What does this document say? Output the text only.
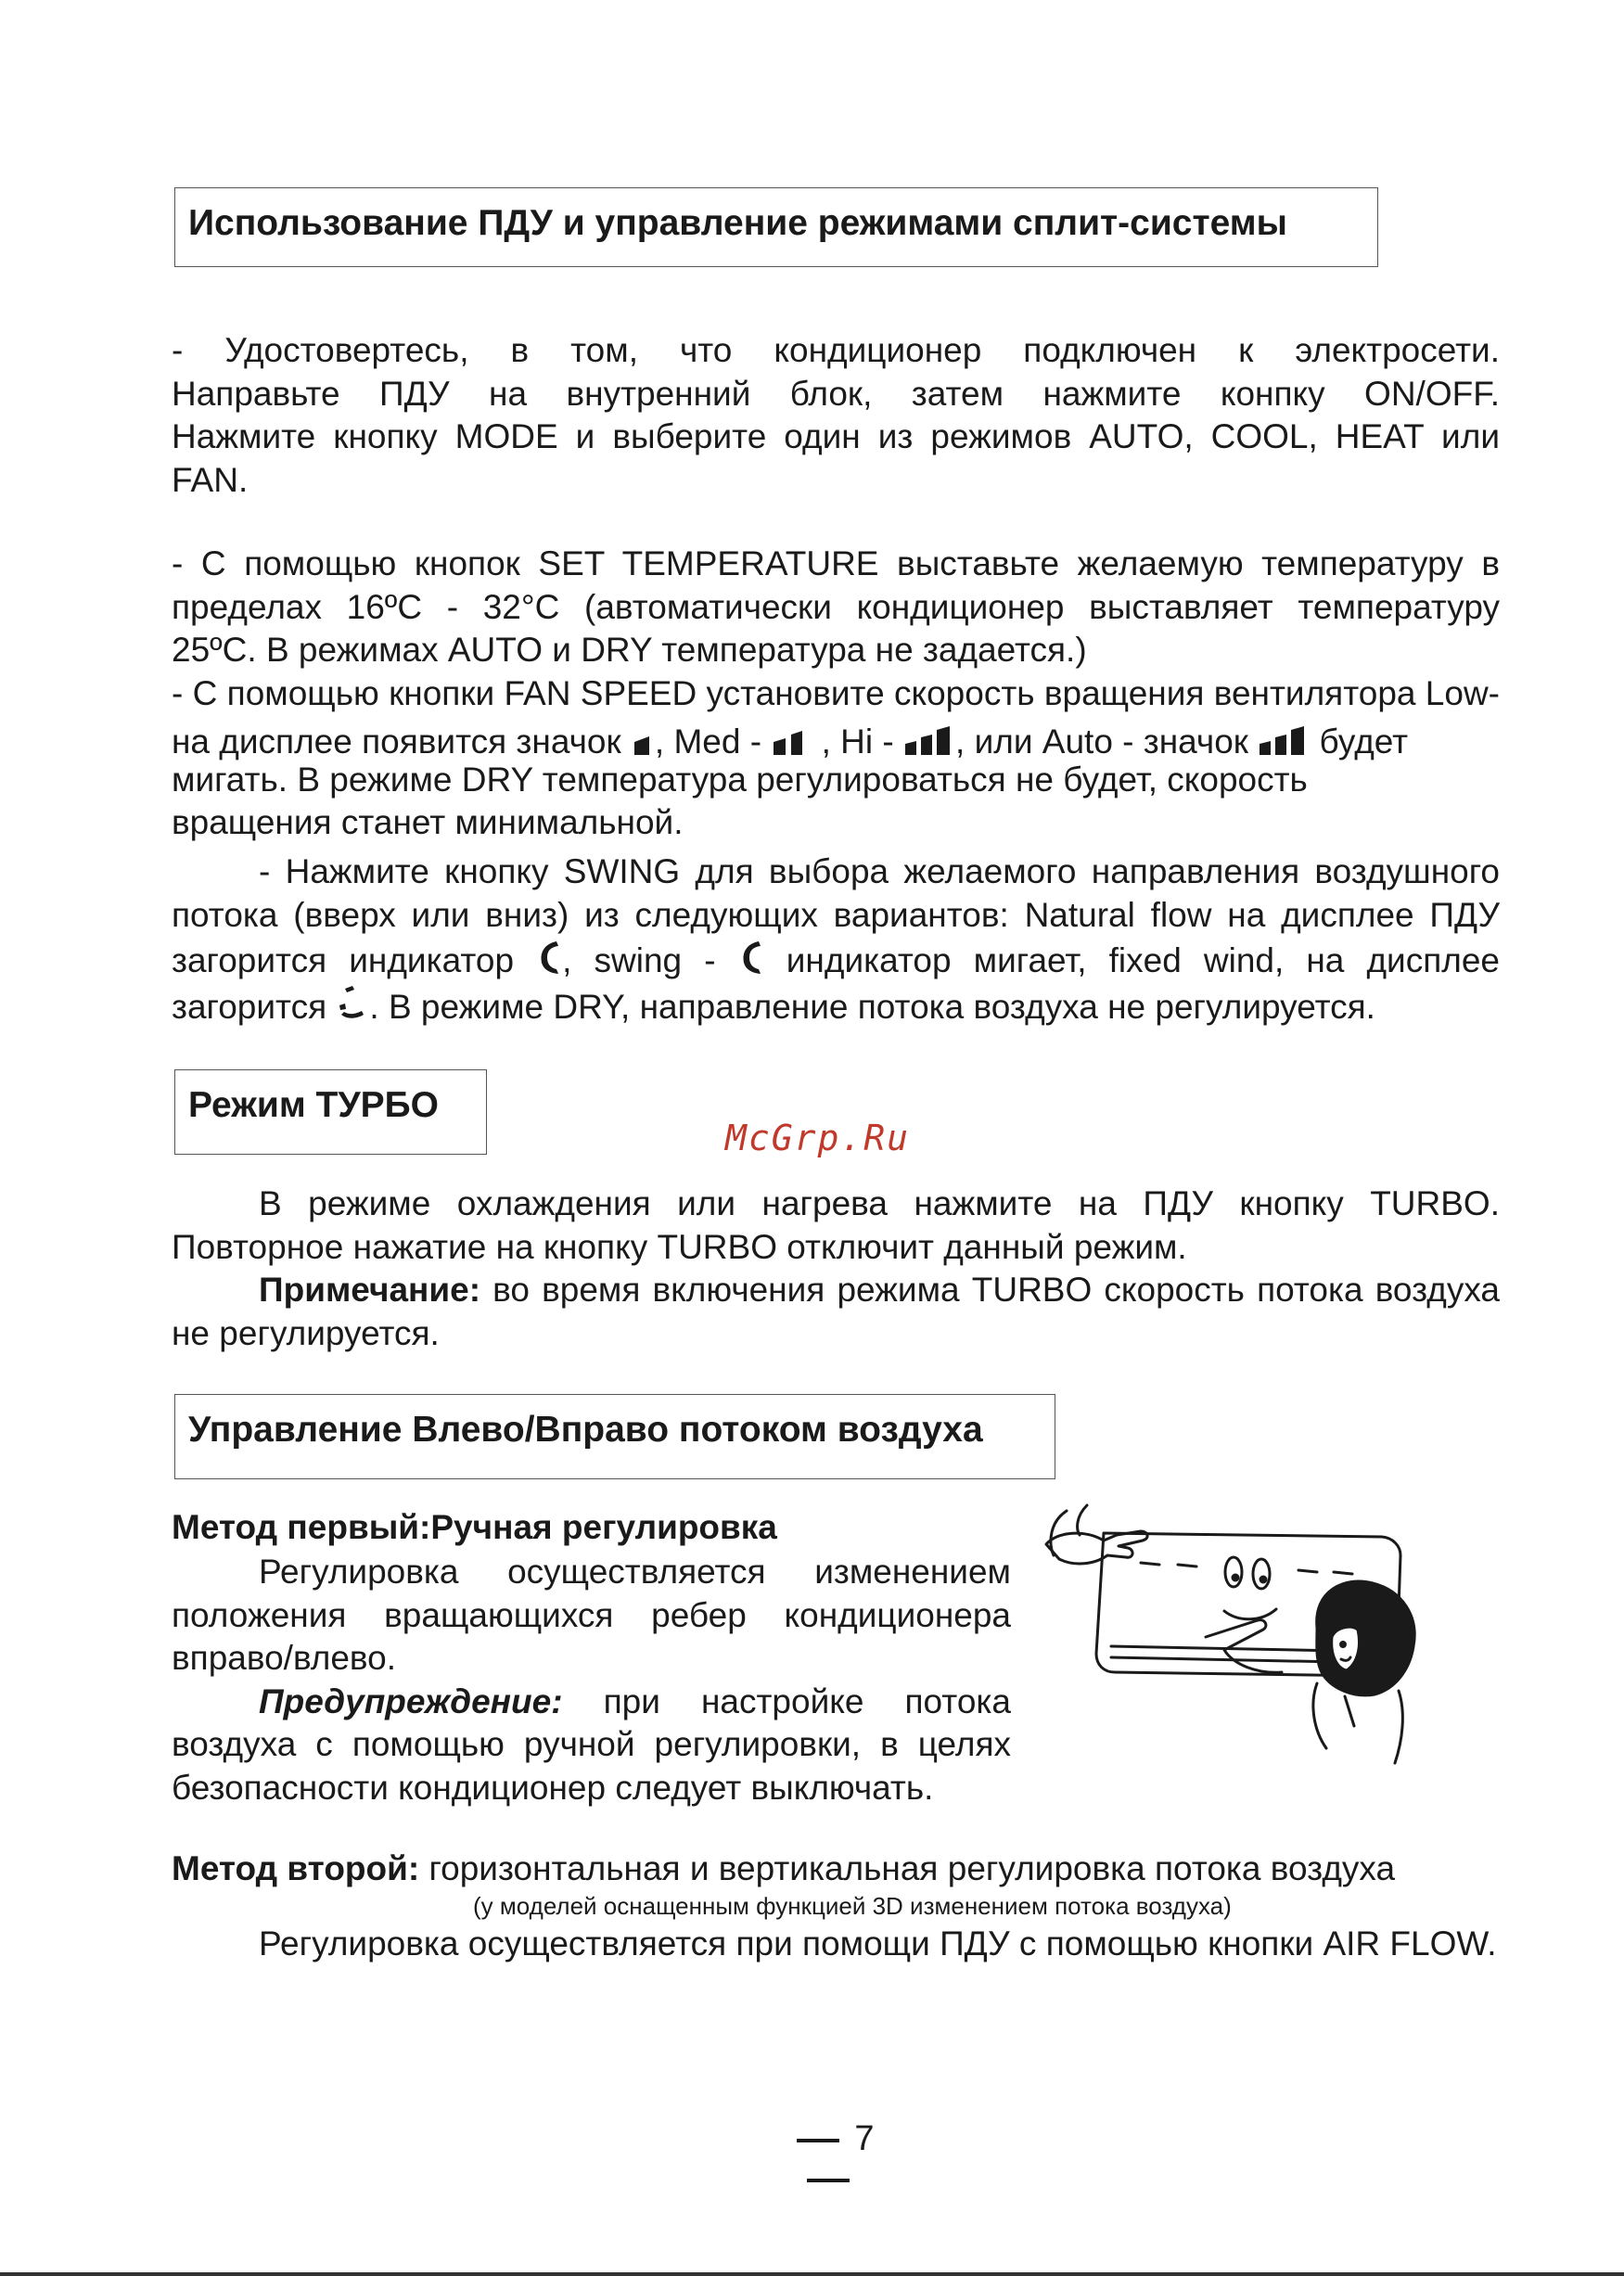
Использование ПДУ и управление режимами сплит-системы
- Удостовертесь, в том, что кондиционер подключен к электросети.
Направьте ПДУ на внутренний блок, затем нажмите конпку ON/OFF.
Нажмите кнопку MODE и выберите один из режимов AUTO, COOL, HEAT или
FAN.
- С помощью кнопок SET TEMPERATURE выставьте желаемую температуру в
пределах 16ºC - 32°C (автоматически кондиционер выставляет температуру
25ºC. В режимах AUTO и DRY температура не задается.)
- С помощью кнопки FAN SPEED установите скорость вращения вентилятора Low-
на дисплее появится значок , Med - , Hi - , или Auto - значок будет
мигать. В режиме DRY температура регулироваться не будет, скорость
вращения станет минимальной.
- Нажмите кнопку SWING для выбора желаемого направления воздушного
потока (вверх или вниз) из следующих вариантов: Natural flow на дисплее ПДУ
загорится индикатор , swing - индикатор мигает, fixed wind, на дисплее
загорится . В режиме DRY, направление потока воздуха не регулируется.
Режим ТУРБО
McGrp.Ru
В режиме охлаждения или нагрева нажмите на ПДУ кнопку TURBO.
Повторное нажатие на кнопку TURBO отключит данный режим.
Примечание: во время включения режима TURBO скорость потока воздуха
не регулируется.
Управление Влево/Вправо потоком воздуха
Метод первый:Ручная регулировка
Регулировка осуществляется изменением
положения вращающихся ребер кондиционера
вправо/влево.
Предупреждение: при настройке потока
воздуха с помощью ручной регулировки, в целях
безопасности кондиционер следует выключать.
Метод второй: горизонтальная и вертикальная регулировка потока воздуха
(у моделей оснащенным функцией 3D изменением потока воздуха)
Регулировка осуществляется при помощи ПДУ с помощью кнопки AIR FLOW.
7
